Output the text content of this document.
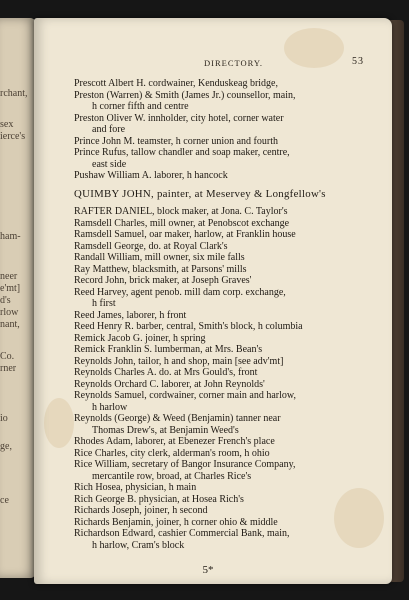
rchant,
sex
ierce's
ham-
neer
e'mt]
d's
rlow
nant,
Co.
rner
io
ge,
ce
DIRECTORY.	53
Prescott Albert H. cordwainer, Kenduskeag bridge,
Preston (Warren) & Smith (James Jr.) counsellor, main,
h corner fifth and centre
Preston Oliver W. innholder, city hotel, corner water
and fore
Prince John M. teamster, h corner union and fourth
Prince Rufus, tallow chandler and soap maker, centre,
east side
Pushaw William A. laborer, h hancock
QUIMBY JOHN, painter, at Meservey & Longfellow's
RAFTER DANIEL, block maker, at Jona. C. Taylor's
Ramsdell Charles, mill owner, at Penobscot exchange
Ramsdell Samuel, oar maker, harlow, at Franklin house
Ramsdell George, do. at Royal Clark's
Randall William, mill owner, six mile falls
Ray Matthew, blacksmith, at Parsons' mills
Record John, brick maker, at Joseph Graves'
Reed Harvey, agent penob. mill dam corp. exchange,
h first
Reed James, laborer, h front
Reed Henry R. barber, central, Smith's block, h columbia
Remick Jacob G. joiner, h spring
Remick Franklin S. lumberman, at Mrs. Bean's
Reynolds John, tailor, h and shop, main [see adv'mt]
Reynolds Charles A. do. at Mrs Gould's, front
Reynolds Orchard C. laborer, at John Reynolds'
Reynolds Samuel, cordwainer, corner main and harlow,
h harlow
Reynolds (George) & Weed (Benjamin) tanner near
Thomas Drew's, at Benjamin Weed's
Rhodes Adam, laborer, at Ebenezer French's place
Rice Charles, city clerk, alderman's room, h ohio
Rice William, secretary of Bangor Insurance Company,
mercantile row, broad, at Charles Rice's
Rich Hosea, physician, h main
Rich George B. physician, at Hosea Rich's
Richards Joseph, joiner, h second
Richards Benjamin, joiner, h corner ohio & middle
Richardson Edward, cashier Commercial Bank, main,
h harlow, Cram's block
5*
